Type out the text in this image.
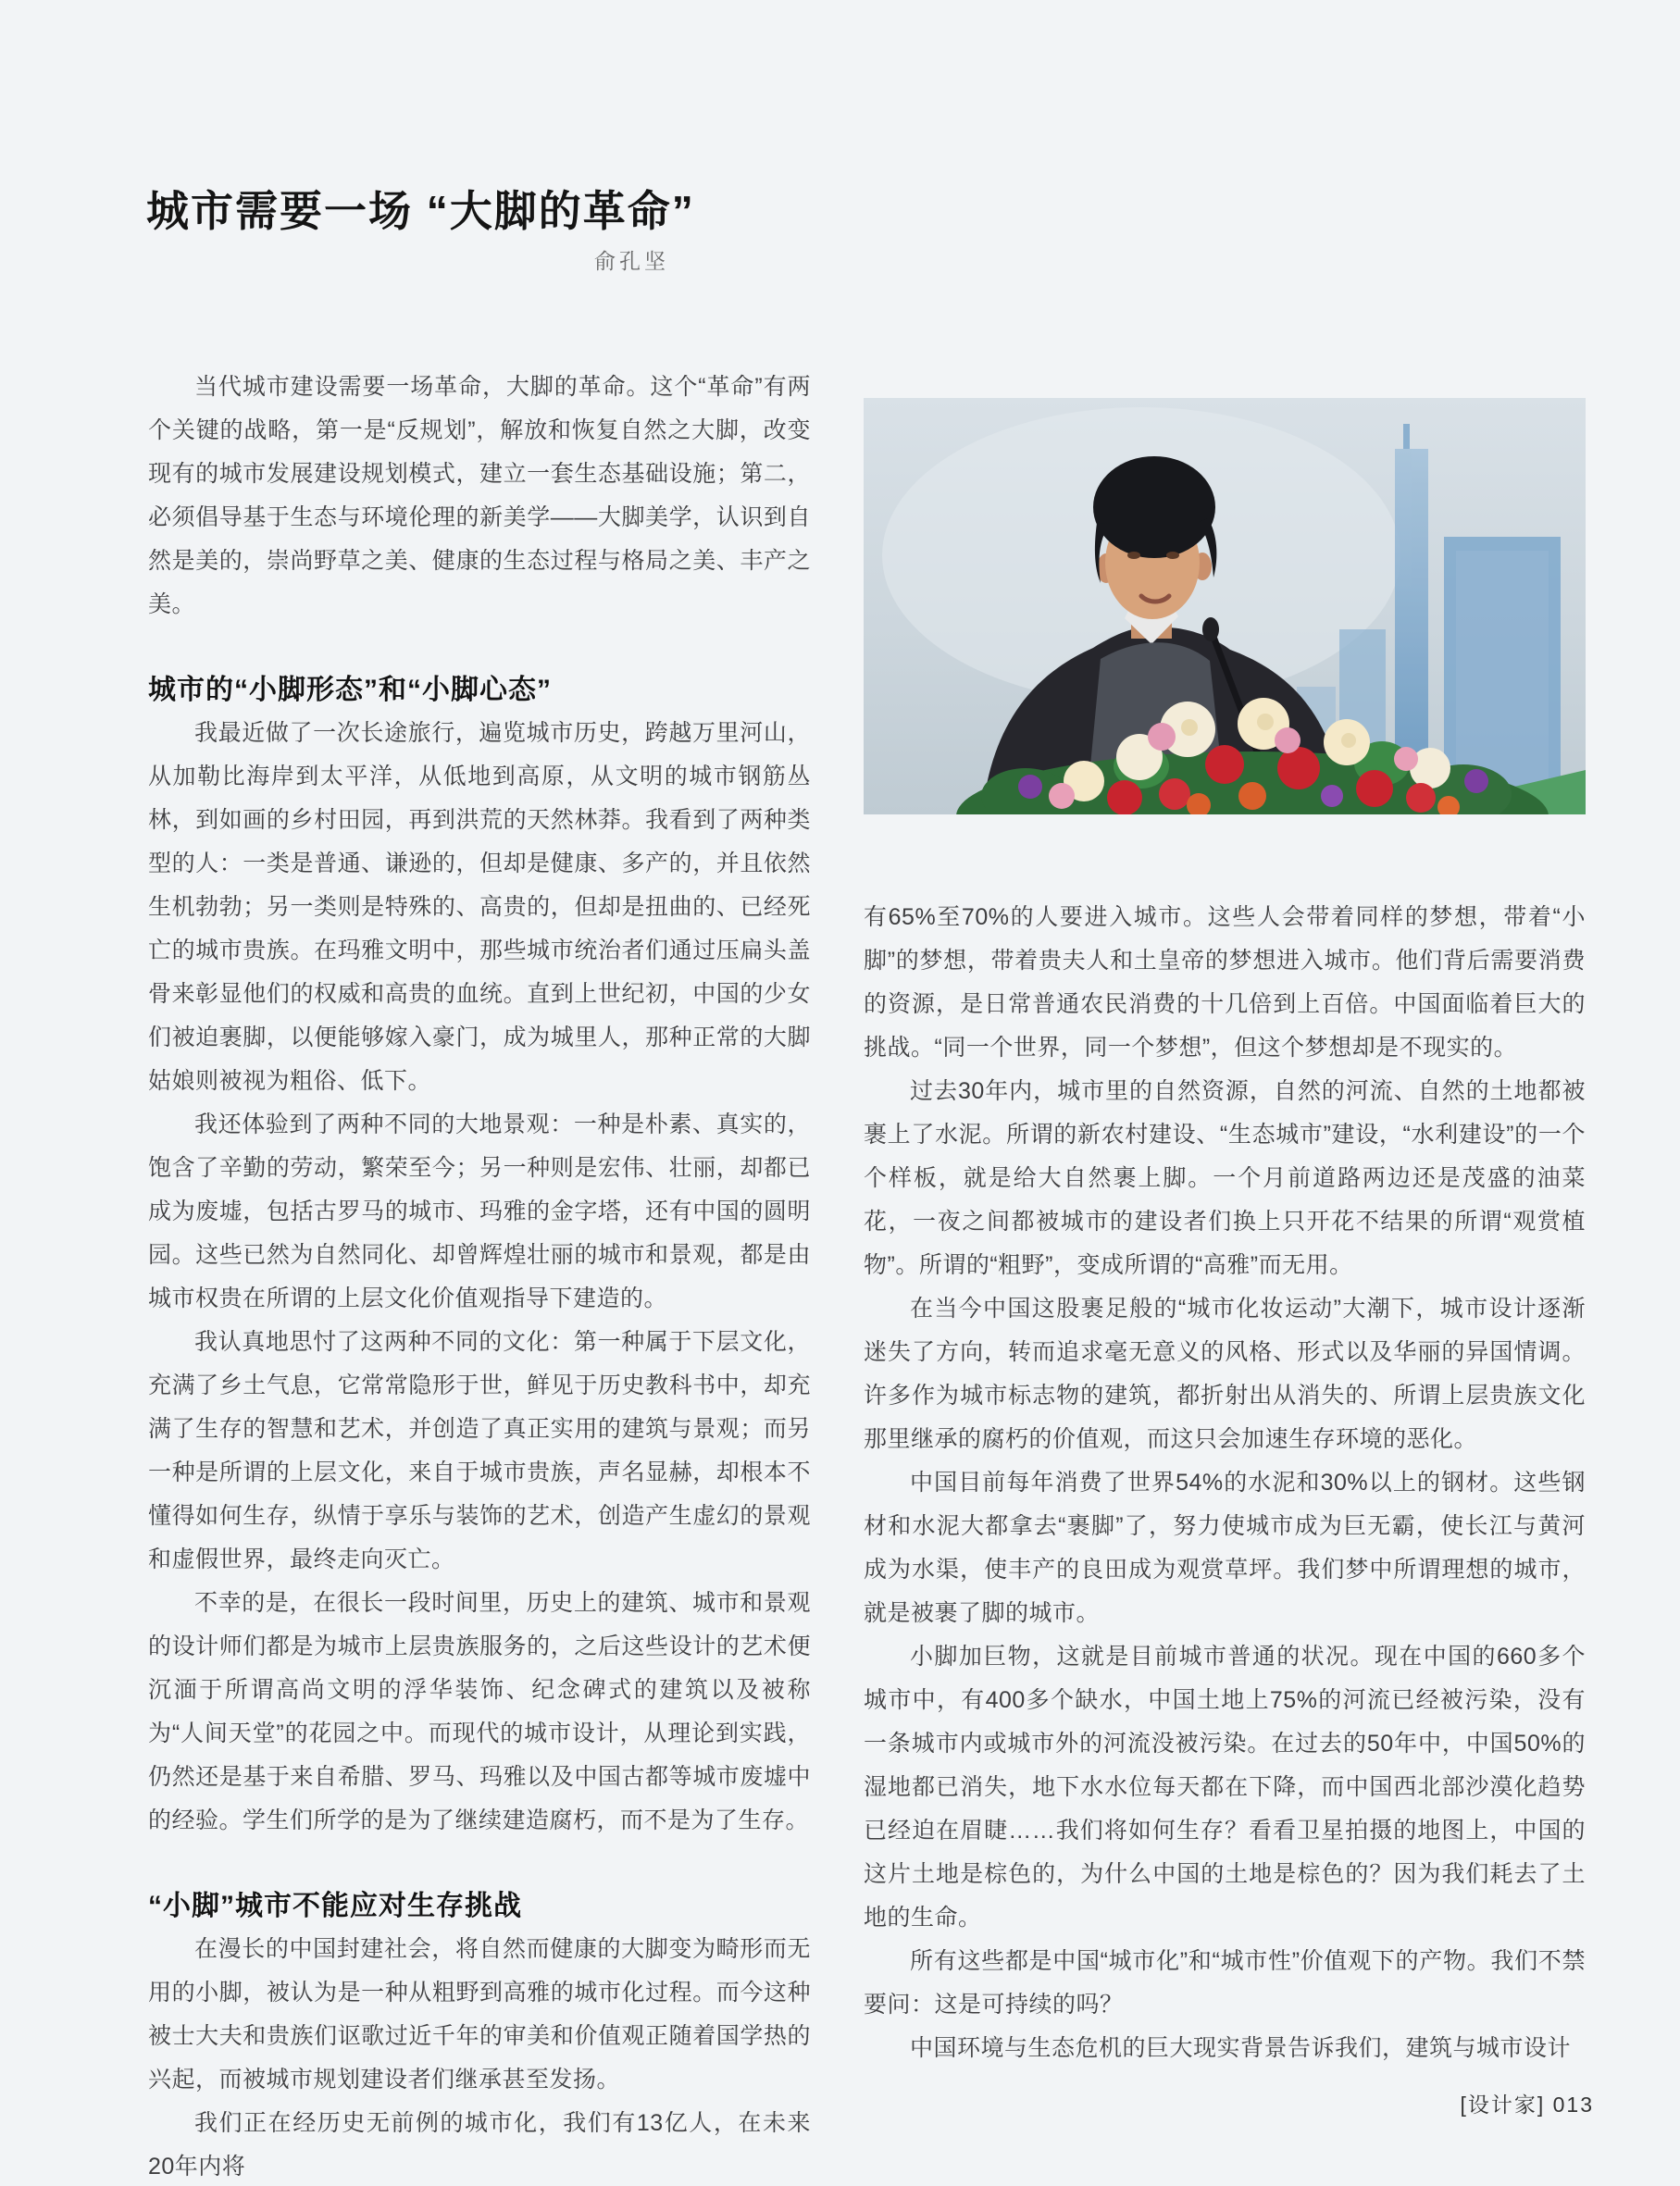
城市需要一场 “大脚的革命”
俞孔坚

当代城市建设需要一场革命，大脚的革命。这个“革命”有两个关键的战略，第一是“反规划”，解放和恢复自然之大脚，改变现有的城市发展建设规划模式，建立一套生态基础设施；第二，必须倡导基于生态与环境伦理的新美学——大脚美学，认识到自然是美的，崇尚野草之美、健康的生态过程与格局之美、丰产之美。

城市的“小脚形态”和“小脚心态”

我最近做了一次长途旅行，遍览城市历史，跨越万里河山，从加勒比海岸到太平洋，从低地到高原，从文明的城市钢筋丛林，到如画的乡村田园，再到洪荒的天然林莽。我看到了两种类型的人：一类是普通、谦逊的，但却是健康、多产的，并且依然生机勃勃；另一类则是特殊的、高贵的，但却是扭曲的、已经死亡的城市贵族。在玛雅文明中，那些城市统治者们通过压扁头盖骨来彰显他们的权威和高贵的血统。直到上世纪初，中国的少女们被迫裹脚，以便能够嫁入豪门，成为城里人，那种正常的大脚姑娘则被视为粗俗、低下。

我还体验到了两种不同的大地景观：一种是朴素、真实的，饱含了辛勤的劳动，繁荣至今；另一种则是宏伟、壮丽，却都已成为废墟，包括古罗马的城市、玛雅的金字塔，还有中国的圆明园。这些已然为自然同化、却曾辉煌壮丽的城市和景观，都是由城市权贵在所谓的上层文化价值观指导下建造的。

我认真地思忖了这两种不同的文化：第一种属于下层文化，充满了乡土气息，它常常隐形于世，鲜见于历史教科书中，却充满了生存的智慧和艺术，并创造了真正实用的建筑与景观；而另一种是所谓的上层文化，来自于城市贵族，声名显赫，却根本不懂得如何生存，纵情于享乐与装饰的艺术，创造产生虚幻的景观和虚假世界，最终走向灭亡。

不幸的是，在很长一段时间里，历史上的建筑、城市和景观的设计师们都是为城市上层贵族服务的，之后这些设计的艺术便沉湎于所谓高尚文明的浮华装饰、纪念碑式的建筑以及被称为“人间天堂”的花园之中。而现代的城市设计，从理论到实践，仍然还是基于来自希腊、罗马、玛雅以及中国古都等城市废墟中的经验。学生们所学的是为了继续建造腐朽，而不是为了生存。

“小脚”城市不能应对生存挑战

在漫长的中国封建社会，将自然而健康的大脚变为畸形而无用的小脚，被认为是一种从粗野到高雅的城市化过程。而今这种被士大夫和贵族们讴歌过近千年的审美和价值观正随着国学热的兴起，而被城市规划建设者们继承甚至发扬。

我们正在经历史无前例的城市化，我们有13亿人，在未来20年内将

有65%至70%的人要进入城市。这些人会带着同样的梦想，带着“小脚”的梦想，带着贵夫人和土皇帝的梦想进入城市。他们背后需要消费的资源，是日常普通农民消费的十几倍到上百倍。中国面临着巨大的挑战。“同一个世界，同一个梦想”，但这个梦想却是不现实的。

过去30年内，城市里的自然资源，自然的河流、自然的土地都被裹上了水泥。所谓的新农村建设、“生态城市”建设，“水利建设”的一个个样板，就是给大自然裹上脚。一个月前道路两边还是茂盛的油菜花，一夜之间都被城市的建设者们换上只开花不结果的所谓“观赏植物”。所谓的“粗野”，变成所谓的“高雅”而无用。

在当今中国这股裹足般的“城市化妆运动”大潮下，城市设计逐渐迷失了方向，转而追求毫无意义的风格、形式以及华丽的异国情调。许多作为城市标志物的建筑，都折射出从消失的、所谓上层贵族文化那里继承的腐朽的价值观，而这只会加速生存环境的恶化。

中国目前每年消费了世界54%的水泥和30%以上的钢材。这些钢材和水泥大都拿去“裹脚”了，努力使城市成为巨无霸，使长江与黄河成为水渠，使丰产的良田成为观赏草坪。我们梦中所谓理想的城市，就是被裹了脚的城市。

小脚加巨物，这就是目前城市普通的状况。现在中国的660多个城市中，有400多个缺水，中国土地上75%的河流已经被污染，没有一条城市内或城市外的河流没被污染。在过去的50年中，中国50%的湿地都已消失，地下水水位每天都在下降，而中国西北部沙漠化趋势已经迫在眉睫……我们将如何生存？看看卫星拍摄的地图上，中国的这片土地是棕色的，为什么中国的土地是棕色的？因为我们耗去了土地的生命。

所有这些都是中国“城市化”和“城市性”价值观下的产物。我们不禁要问：这是可持续的吗？

中国环境与生态危机的巨大现实背景告诉我们，建筑与城市设计

[设计家] 013
